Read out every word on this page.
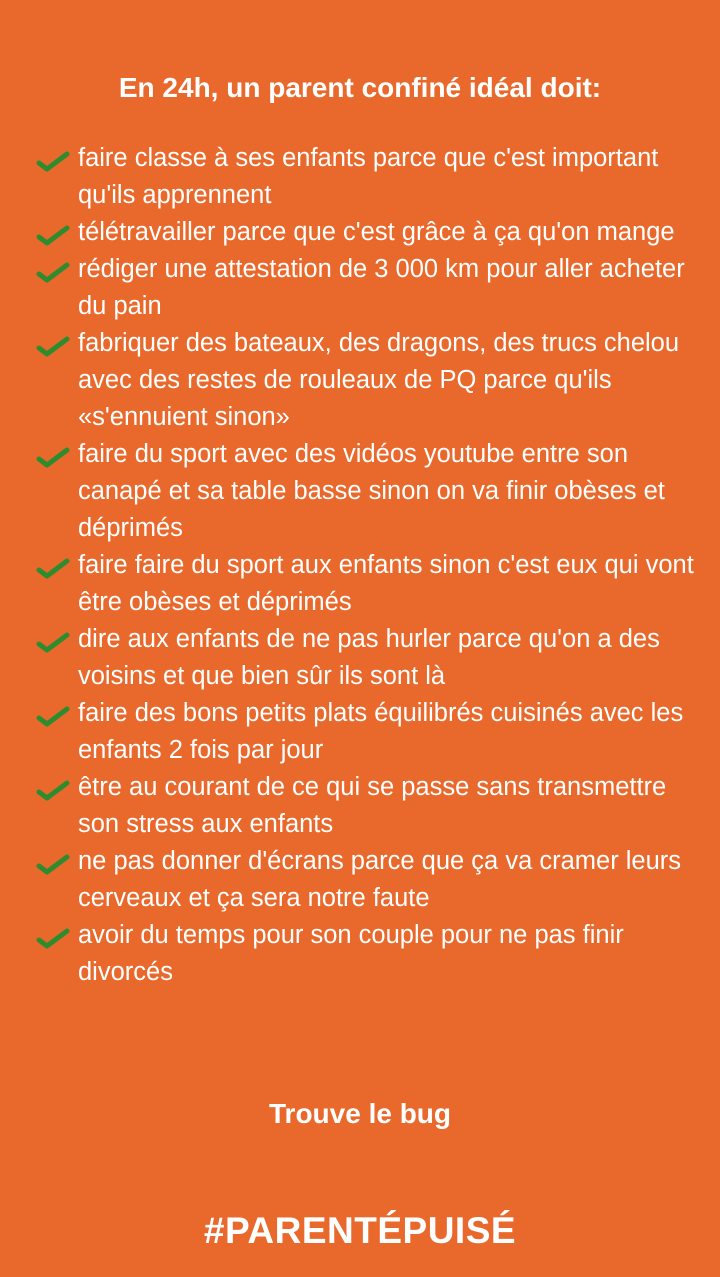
En 24h, un parent confiné idéal doit:
faire classe à ses enfants parce que c'est important qu'ils apprennent
télétravailler parce que c'est grâce à ça qu'on mange
rédiger une attestation de 3 000 km pour aller acheter du pain
fabriquer des bateaux, des dragons, des trucs chelou avec des restes de rouleaux de PQ parce qu'ils «s'ennuient sinon»
faire du sport avec des vidéos youtube entre son canapé et sa table basse sinon on va finir obèses et déprimés
faire faire du sport aux enfants sinon c'est eux qui vont être obèses et déprimés
dire aux enfants de ne pas hurler parce qu'on a des voisins et que bien sûr ils sont là
faire des bons petits plats équilibrés cuisinés avec les enfants 2 fois par jour
être au courant de ce qui se passe sans transmettre son stress aux enfants
ne pas donner d'écrans parce que ça va cramer leurs cerveaux et ça sera notre faute
avoir du temps pour son couple pour ne pas finir divorcés

Trouve le bug

#PARENTÉPUISÉ
